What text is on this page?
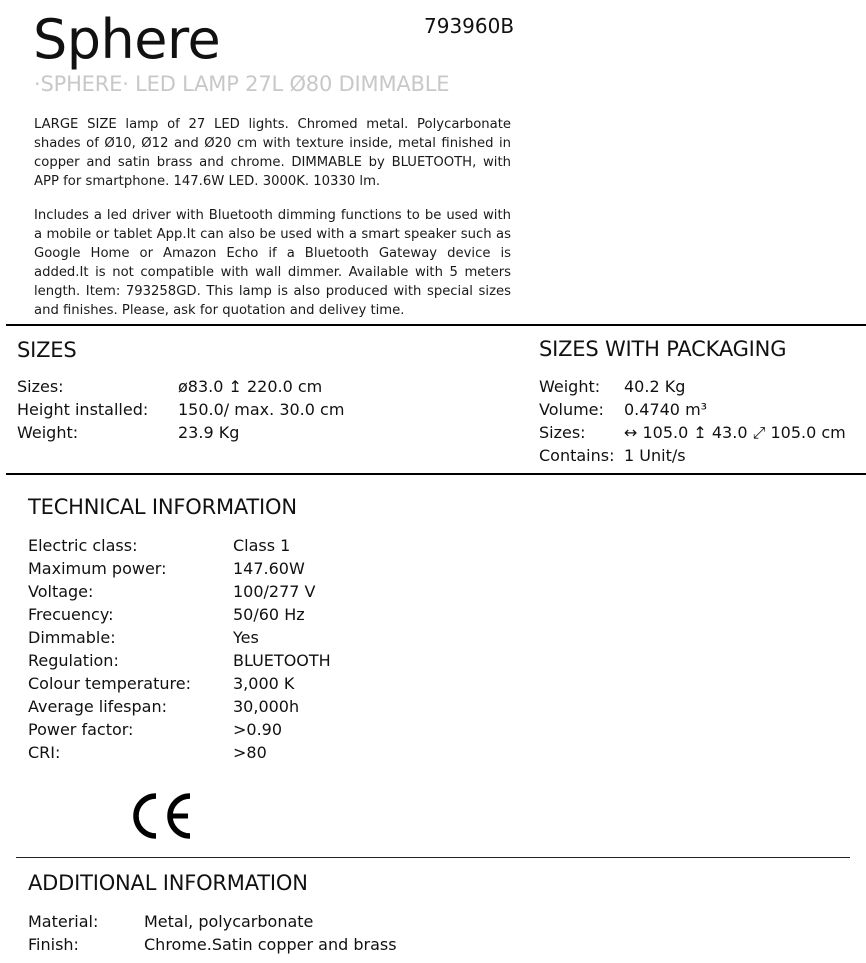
Sphere	793960B
·SPHERE· LED LAMP 27L Ø80 DIMMABLE
LARGE SIZE lamp of 27 LED lights. Chromed metal. Polycarbonate shades of Ø10, Ø12 and Ø20 cm with texture inside, metal finished in copper and satin brass and chrome. DIMMABLE by BLUETOOTH, with APP for smartphone. 147.6W LED. 3000K. 10330 lm.
Includes a led driver with Bluetooth dimming functions to be used with a mobile or tablet App.It can also be used with a smart speaker such as Google Home or Amazon Echo if a Bluetooth Gateway device is added.It is not compatible with wall dimmer. Available with 5 meters length. Item: 793258GD. This lamp is also produced with special sizes and finishes. Please, ask for quotation and delivey time.
SIZES
Sizes:	ø83.0 ↥ 220.0 cm
Height installed: 150.0/ max. 30.0 cm
Weight:	23.9 Kg
SIZES WITH PACKAGING
Weight: 40.2 Kg
Volume: 0.4740 m³
Sizes: ↔ 105.0 ↥ 43.0 ⤢ 105.0 cm
Contains: 1 Unit/s
TECHNICAL INFORMATION
Electric class:	Class 1
Maximum power:	147.60W
Voltage:	100/277 V
Frecuency:	50/60 Hz
Dimmable:	Yes
Regulation:	BLUETOOTH
Colour temperature:	3,000 K
Average lifespan:	30,000h
Power factor:	>0.90
CRI:	>80
ADDITIONAL INFORMATION
Material:	Metal, polycarbonate
Finish:	Chrome.Satin copper and brass
